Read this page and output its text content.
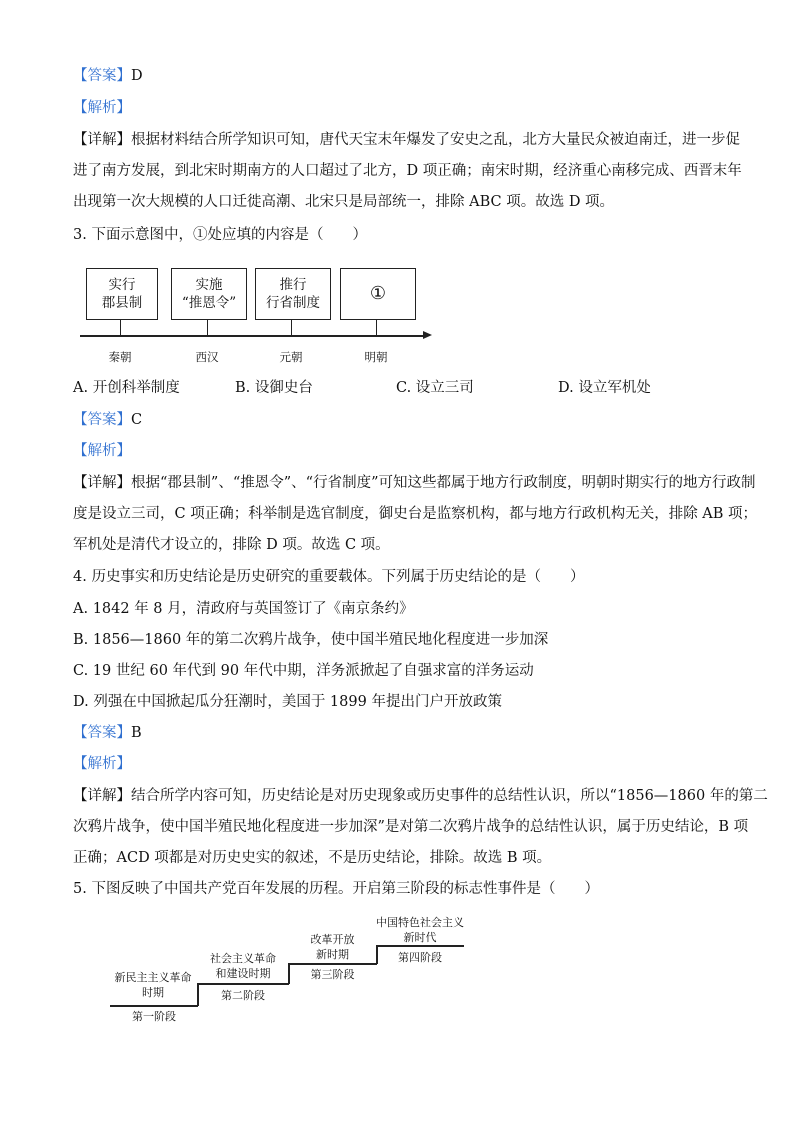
【答案】D
【解析】
【详解】根据材料结合所学知识可知，唐代天宝末年爆发了安史之乱，北方大量民众被迫南迁，进一步促
进了南方发展，到北宋时期南方的人口超过了北方，D 项正确；南宋时期，经济重心南移完成、西晋末年
出现第一次大规模的人口迁徙高潮、北宋只是局部统一，排除 ABC 项。故选 D 项。
3. 下面示意图中，①处应填的内容是（　　）
实行
郡县制
实施
“推恩令”
推行
行省制度	①
秦朝	西汉	元朝	明朝
A. 开创科举制度	B. 设御史台	C. 设立三司	D. 设立军机处
【答案】C
【解析】
【详解】根据“郡县制”、“推恩令”、“行省制度”可知这些都属于地方行政制度，明朝时期实行的地方行政制
度是设立三司，C 项正确；科举制是选官制度，御史台是监察机构，都与地方行政机构无关，排除 AB 项；
军机处是清代才设立的，排除 D 项。故选 C 项。
4. 历史事实和历史结论是历史研究的重要载体。下列属于历史结论的是（　　）
A. 1842 年 8 月，清政府与英国签订了《南京条约》
B. 1856—1860 年的第二次鸦片战争，使中国半殖民地化程度进一步加深
C. 19 世纪 60 年代到 90 年代中期，洋务派掀起了自强求富的洋务运动
D. 列强在中国掀起瓜分狂潮时，美国于 1899 年提出门户开放政策
【答案】B
【解析】
【详解】结合所学内容可知，历史结论是对历史现象或历史事件的总结性认识，所以“1856—1860 年的第二
次鸦片战争，使中国半殖民地化程度进一步加深”是对第二次鸦片战争的总结性认识，属于历史结论，B 项
正确；ACD 项都是对历史史实的叙述，不是历史结论，排除。故选 B 项。
5. 下图反映了中国共产党百年发展的历程。开启第三阶段的标志性事件是（　　）
新民主主义革命
时期
第一阶段
社会主义革命
和建设时期
第二阶段
改革开放
新时期
第三阶段
中国特色社会主义
新时代
第四阶段
